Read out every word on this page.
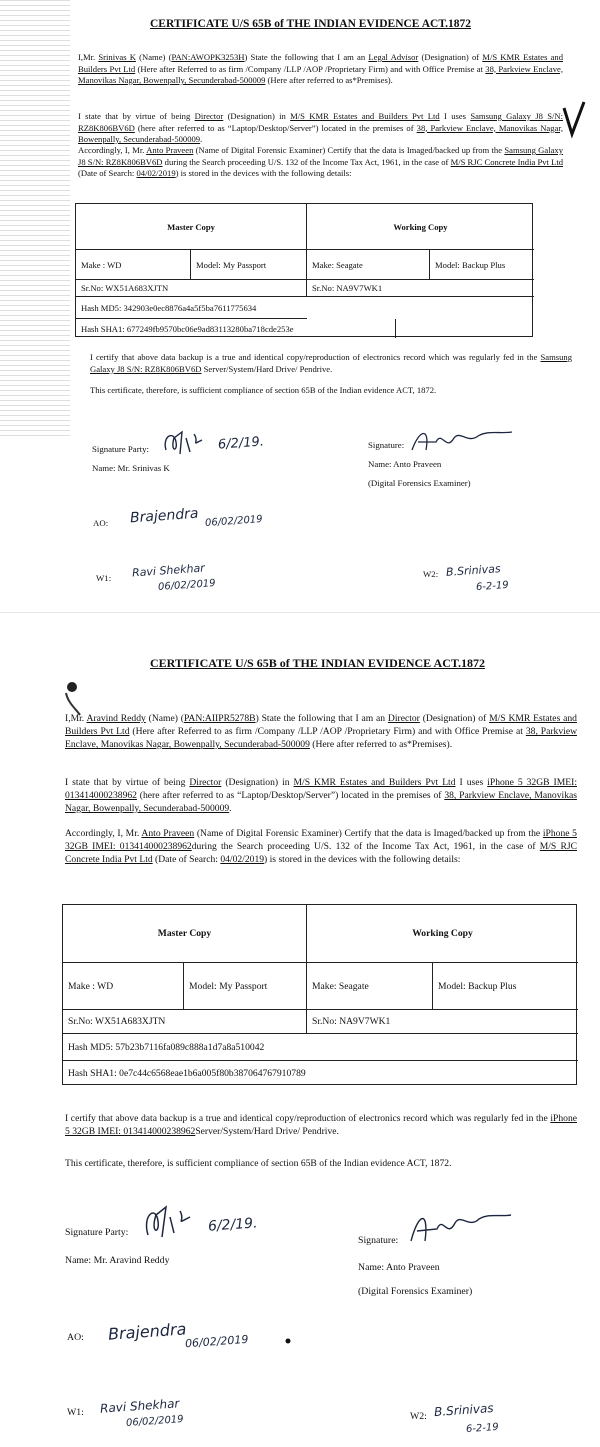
CERTIFICATE U/S 65B of THE INDIAN EVIDENCE ACT.1872
I,Mr. Srinivas K (Name) (PAN:AWOPK3253H) State the following that I am an Legal Advisor (Designation) of M/S KMR Estates and Builders Pvt Ltd (Here after Referred to as firm /Company /LLP /AOP /Proprietary Firm) and with Office Premise at 38, Parkview Enclave, Manovikas Nagar, Bowenpally, Secunderabad-500009 (Here after referred to as*Premises).
I state that by virtue of being Director (Designation) in M/S KMR Estates and Builders Pvt Ltd I uses Samsung Galaxy J8 S/N: RZ8K806BV6D (here after referred to as “Laptop/Desktop/Server”) located in the premises of 38, Parkview Enclave, Manovikas Nagar, Bowenpally, Secunderabad-500009.
Accordingly, I, Mr. Anto Praveen (Name of Digital Forensic Examiner) Certify that the data is Imaged/backed up from the Samsung Galaxy J8 S/N: RZ8K806BV6D during the Search proceeding U/S. 132 of the Income Tax Act, 1961, in the case of M/S RJC Concrete India Pvt Ltd (Date of Search: 04/02/2019) is stored in the devices with the following details:
Master Copy	Working Copy
Make : WD	Model: My Passport	Make: Seagate	Model: Backup Plus
Sr.No: WX51A683XJTN	Sr.No: NA9V7WK1
Hash MD5: 342903e0ec8876a4a5f5ba7611775634
Hash SHA1: 677249fb9570bc06e9ad83113280ba718cde253e
I certify that above data backup is a true and identical copy/reproduction of electronics record which was regularly fed in the Samsung Galaxy J8 S/N: RZ8K806BV6D Server/System/Hard Drive/ Pendrive.
This certificate, therefore, is sufficient compliance of section 65B of the Indian evidence ACT, 1872.
Signature Party:	6/2/19.
Name: Mr. Srinivas K
Signature:
Name: Anto Praveen
(Digital Forensics Examiner)
AO: Brajendra 06/02/2019
W1: Ravi Shekhar
06/02/2019
W2: B.Srinivas
6-2-19
CERTIFICATE U/S 65B of THE INDIAN EVIDENCE ACT.1872
I,Mr. Aravind Reddy (Name) (PAN:AIIPR5278B) State the following that I am an Director (Designation) of M/S KMR Estates and Builders Pvt Ltd (Here after Referred to as firm /Company /LLP /AOP /Proprietary Firm) and with Office Premise at 38, Parkview Enclave, Manovikas Nagar, Bowenpally, Secunderabad-500009 (Here after referred to as*Premises).
I state that by virtue of being Director (Designation) in M/S KMR Estates and Builders Pvt Ltd I uses iPhone 5 32GB IMEI: 013414000238962 (here after referred to as “Laptop/Desktop/Server”) located in the premises of 38, Parkview Enclave, Manovikas Nagar, Bowenpally, Secunderabad-500009.
Accordingly, I, Mr. Anto Praveen (Name of Digital Forensic Examiner) Certify that the data is Imaged/backed up from the iPhone 5 32GB IMEI: 013414000238962during the Search proceeding U/S. 132 of the Income Tax Act, 1961, in the case of M/S RJC Concrete India Pvt Ltd (Date of Search: 04/02/2019) is stored in the devices with the following details:
Master Copy	Working Copy
Make : WD	Model: My Passport	Make: Seagate	Model: Backup Plus
Sr.No: WX51A683XJTN	Sr.No: NA9V7WK1
Hash MD5: 57b23b7116fa089c888a1d7a8a510042
Hash SHA1: 0e7c44c6568eae1b6a005f80b387064767910789
I certify that above data backup is a true and identical copy/reproduction of electronics record which was regularly fed in the iPhone 5 32GB IMEI: 013414000238962Server/System/Hard Drive/ Pendrive.
This certificate, therefore, is sufficient compliance of section 65B of the Indian evidence ACT, 1872.
Signature Party:	6/2/19.
Name: Mr. Aravind Reddy
Signature:
Name: Anto Praveen
(Digital Forensics Examiner)
AO: Brajendra
06/02/2019
W1: Ravi Shekhar
06/02/2019	W2: B.Srinivas
6-2-19
